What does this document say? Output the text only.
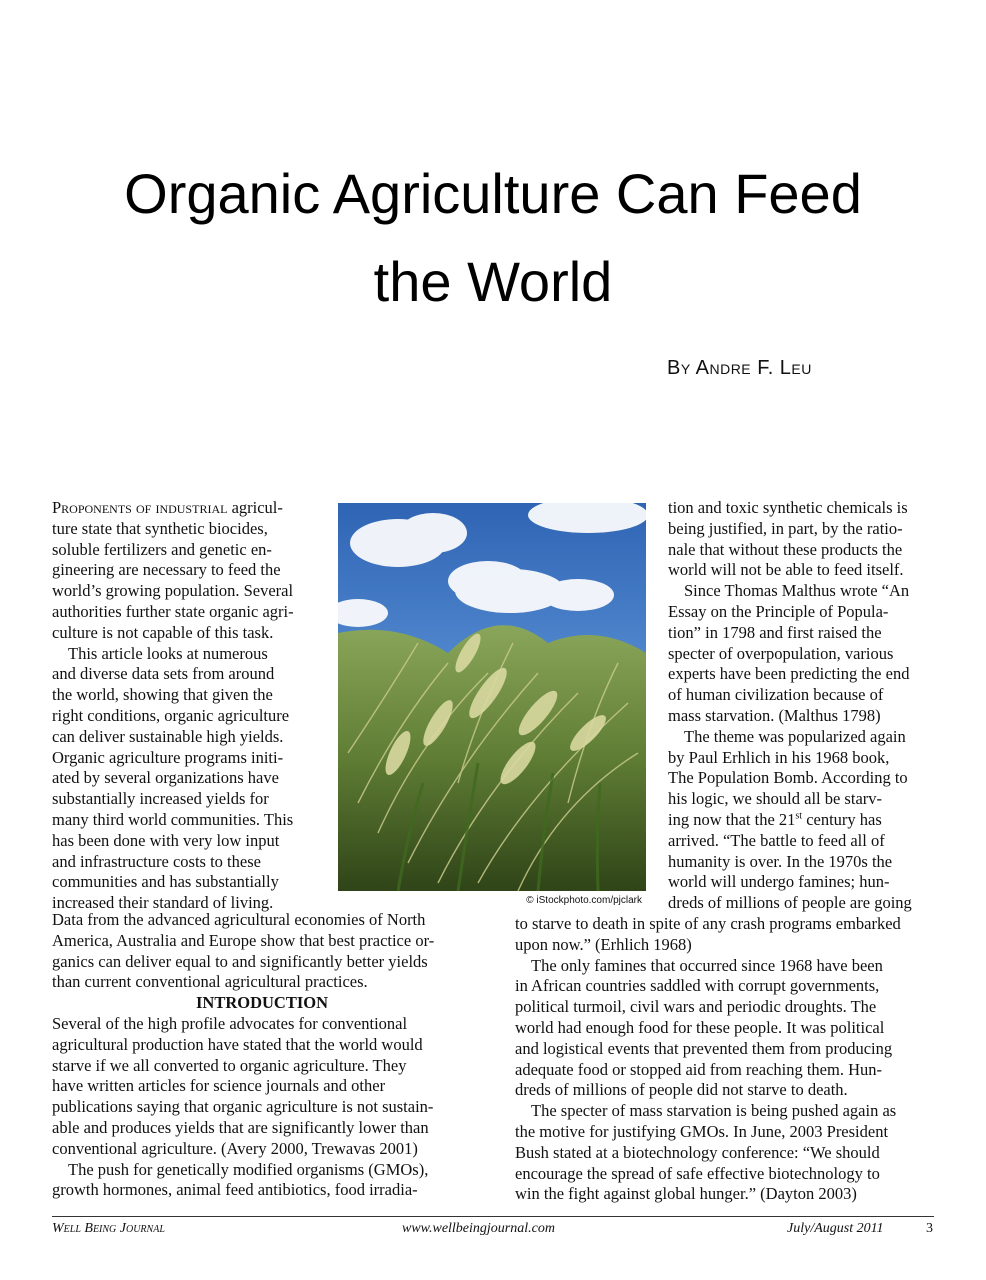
Organic Agriculture Can Feed
the World
By Andre F. Leu

Proponents of industrial agricul-
ture state that synthetic biocides,
soluble fertilizers and genetic en-
gineering are necessary to feed the
world’s growing population. Several
authorities further state organic agri-
culture is not capable of this task.

This article looks at numerous
and diverse data sets from around
the world, showing that given the
right conditions, organic agriculture
can deliver sustainable high yields.
Organic agriculture programs initi-
ated by several organizations have
substantially increased yields for
many third world communities. This
has been done with very low input
and infrastructure costs to these
communities and has substantially
increased their standard of living.

Data from the advanced agricultural economies of North
America, Australia and Europe show that best practice or-
ganics can deliver equal to and significantly better yields
than current conventional agricultural practices.

INTRODUCTION

Several of the high profile advocates for conventional
agricultural production have stated that the world would
starve if we all converted to organic agriculture. They
have written articles for science journals and other
publications saying that organic agriculture is not sustain-
able and produces yields that are significantly lower than
conventional agriculture. (Avery 2000, Trewavas 2001)

The push for genetically modified organisms (GMOs),
growth hormones, animal feed antibiotics, food irradia-

© iStockphoto.com/pjclark

tion and toxic synthetic chemicals is
being justified, in part, by the ratio-
nale that without these products the
world will not be able to feed itself.

Since Thomas Malthus wrote “An
Essay on the Principle of Popula-
tion” in 1798 and first raised the
specter of overpopulation, various
experts have been predicting the end
of human civilization because of
mass starvation. (Malthus 1798)

The theme was popularized again
by Paul Erhlich in his 1968 book,
The Population Bomb. According to
his logic, we should all be starv-
ing now that the 21st century has
arrived. “The battle to feed all of
humanity is over. In the 1970s the
world will undergo famines; hun-
dreds of millions of people are going

to starve to death in spite of any crash programs embarked
upon now.” (Erhlich 1968)

The only famines that occurred since 1968 have been
in African countries saddled with corrupt governments,
political turmoil, civil wars and periodic droughts. The
world had enough food for these people. It was political
and logistical events that prevented them from producing
adequate food or stopped aid from reaching them. Hun-
dreds of millions of people did not starve to death.

The specter of mass starvation is being pushed again as
the motive for justifying GMOs. In June, 2003 President
Bush stated at a biotechnology conference: “We should
encourage the spread of safe effective biotechnology to
win the fight against global hunger.” (Dayton 2003)

Well Being Journal	www.wellbeingjournal.com	July/August 2011	3
